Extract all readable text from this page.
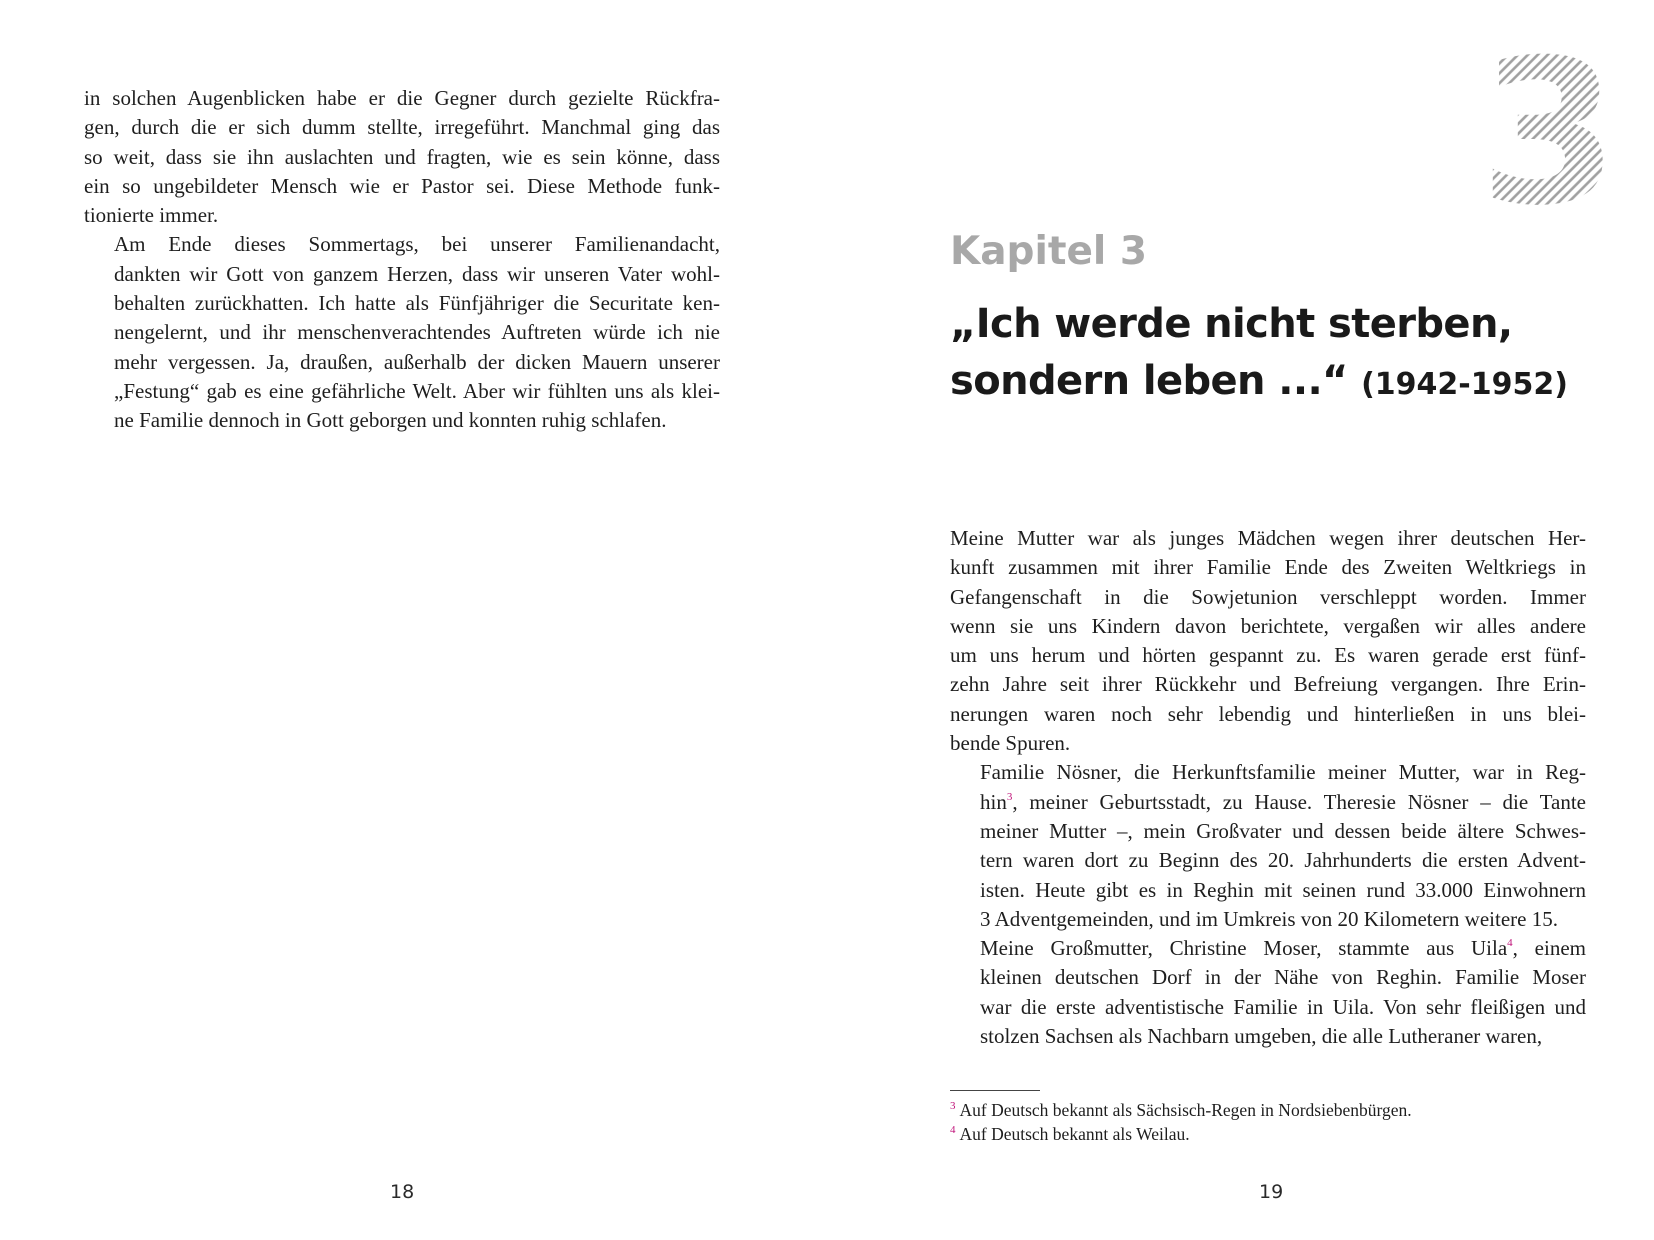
in solchen Augenblicken habe er die Gegner durch gezielte Rückfra-
gen, durch die er sich dumm stellte, irregeführt. Manchmal ging das
so weit, dass sie ihn auslachten und fragten, wie es sein könne, dass
ein so ungebildeter Mensch wie er Pastor sei. Diese Methode funk-
tionierte immer.

Am Ende dieses Sommertags, bei unserer Familienandacht,
dankten wir Gott von ganzem Herzen, dass wir unseren Vater wohl-
behalten zurückhatten. Ich hatte als Fünfjähriger die Securitate ken-
nengelernt, und ihr menschenverachtendes Auftreten würde ich nie
mehr vergessen. Ja, draußen, außerhalb der dicken Mauern unserer
„Festung“ gab es eine gefährliche Welt. Aber wir fühlten uns als klei-
ne Familie dennoch in Gott geborgen und konnten ruhig schlafen.

18
3

Kapitel 3

„Ich werde nicht sterben,
sondern leben ...“ (1942-1952)

Meine Mutter war als junges Mädchen wegen ihrer deutschen Her-
kunft zusammen mit ihrer Familie Ende des Zweiten Weltkriegs in
Gefangenschaft in die Sowjetunion verschleppt worden. Immer
wenn sie uns Kindern davon berichtete, vergaßen wir alles andere
um uns herum und hörten gespannt zu. Es waren gerade erst fünf-
zehn Jahre seit ihrer Rückkehr und Befreiung vergangen. Ihre Erin-
nerungen waren noch sehr lebendig und hinterließen in uns blei-
bende Spuren.

Familie Nösner, die Herkunftsfamilie meiner Mutter, war in Reg-
hin$^3$, meiner Geburtsstadt, zu Hause. Theresie Nösner – die Tante
meiner Mutter –, mein Großvater und dessen beide ältere Schwes-
tern waren dort zu Beginn des 20. Jahrhunderts die ersten Advent-
isten. Heute gibt es in Reghin mit seinen rund 33.000 Einwohnern
3 Adventgemeinden, und im Umkreis von 20 Kilometern weitere 15.

Meine Großmutter, Christine Moser, stammte aus Uila$^4$, einem
kleinen deutschen Dorf in der Nähe von Reghin. Familie Moser
war die erste adventistische Familie in Uila. Von sehr fleißigen und
stolzen Sachsen als Nachbarn umgeben, die alle Lutheraner waren,

$^3$ Auf Deutsch bekannt als Sächsisch-Regen in Nordsiebenbürgen.

$^4$ Auf Deutsch bekannt als Weilau.

19
